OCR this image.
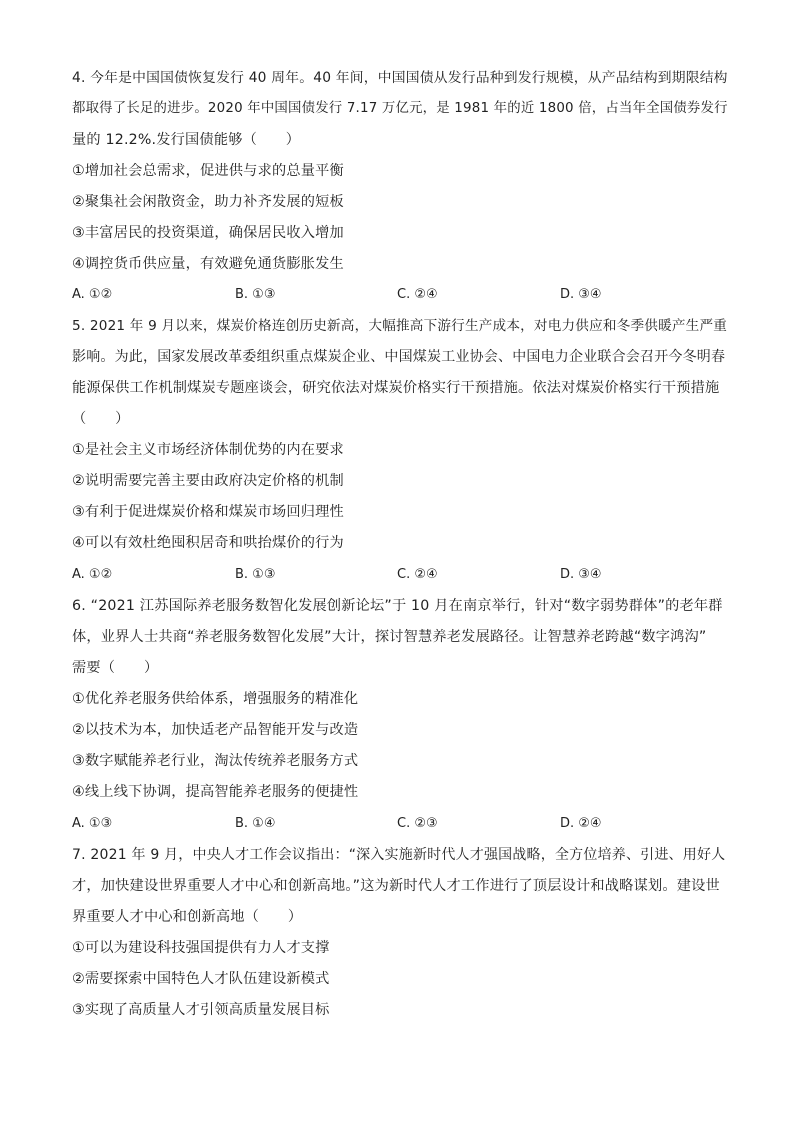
4. 今年是中国国债恢复发行 40 周年。40 年间，中国国债从发行品种到发行规模，从产品结构到期限结构
都取得了长足的进步。2020 年中国国债发行 7.17 万亿元，是 1981 年的近 1800 倍，占当年全国债券发行
量的 12.2%.发行国债能够（　　）
①增加社会总需求，促进供与求的总量平衡
②聚集社会闲散资金，助力补齐发展的短板
③丰富居民的投资渠道，确保居民收入增加
④调控货币供应量，有效避免通货膨胀发生
A. ①②	B. ①③	C. ②④	D. ③④
5. 2021 年 9 月以来，煤炭价格连创历史新高，大幅推高下游行生产成本，对电力供应和冬季供暖产生严重
影响。为此，国家发展改革委组织重点煤炭企业、中国煤炭工业协会、中国电力企业联合会召开今冬明春
能源保供工作机制煤炭专题座谈会，研究依法对煤炭价格实行干预措施。依法对煤炭价格实行干预措施
（　　）
①是社会主义市场经济体制优势的内在要求
②说明需要完善主要由政府决定价格的机制
③有利于促进煤炭价格和煤炭市场回归理性
④可以有效杜绝囤积居奇和哄抬煤价的行为
A. ①②	B. ①③	C. ②④	D. ③④
6. “2021 江苏国际养老服务数智化发展创新论坛”于 10 月在南京举行，针对“数字弱势群体”的老年群
体，业界人士共商“养老服务数智化发展”大计，探讨智慧养老发展路径。让智慧养老跨越“数字鸿沟”
需要（　　）
①优化养老服务供给体系，增强服务的精准化
②以技术为本，加快适老产品智能开发与改造
③数字赋能养老行业，淘汰传统养老服务方式
④线上线下协调，提高智能养老服务的便捷性
A. ①③	B. ①④	C. ②③	D. ②④
7. 2021 年 9 月，中央人才工作会议指出：“深入实施新时代人才强国战略，全方位培养、引进、用好人
才，加快建设世界重要人才中心和创新高地。”这为新时代人才工作进行了顶层设计和战略谋划。建设世
界重要人才中心和创新高地（　　）
①可以为建设科技强国提供有力人才支撑
②需要探索中国特色人才队伍建设新模式
③实现了高质量人才引领高质量发展目标
